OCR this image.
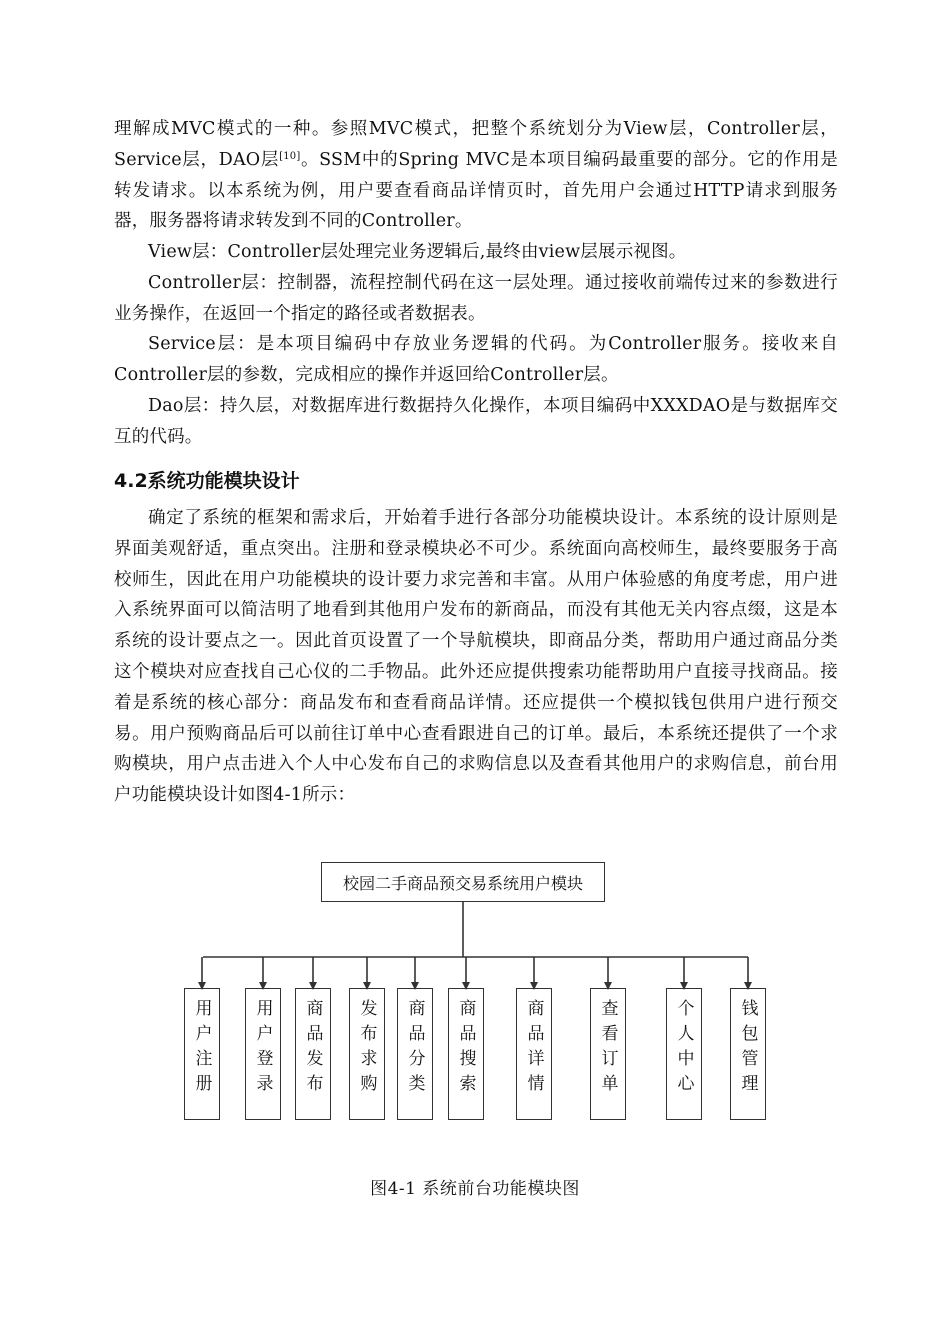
理解成MVC模式的一种。参照MVC模式，把整个系统划分为View层，Controller层，Service层，DAO层[10]。SSM中的Spring MVC是本项目编码最重要的部分。它的作用是转发请求。以本系统为例，用户要查看商品详情页时，首先用户会通过HTTP请求到服务器，服务器将请求转发到不同的Controller。

View层：Controller层处理完业务逻辑后,最终由view层展示视图。

Controller层：控制器，流程控制代码在这一层处理。通过接收前端传过来的参数进行业务操作，在返回一个指定的路径或者数据表。

Service层：是本项目编码中存放业务逻辑的代码。为Controller服务。接收来自Controller层的参数，完成相应的操作并返回给Controller层。

Dao层：持久层，对数据库进行数据持久化操作，本项目编码中XXXDAO是与数据库交互的代码。

4.2系统功能模块设计

确定了系统的框架和需求后，开始着手进行各部分功能模块设计。本系统的设计原则是界面美观舒适，重点突出。注册和登录模块必不可少。系统面向高校师生，最终要服务于高校师生，因此在用户功能模块的设计要力求完善和丰富。从用户体验感的角度考虑，用户进入系统界面可以简洁明了地看到其他用户发布的新商品，而没有其他无关内容点缀，这是本系统的设计要点之一。因此首页设置了一个导航模块，即商品分类，帮助用户通过商品分类这个模块对应查找自己心仪的二手物品。此外还应提供搜索功能帮助用户直接寻找商品。接着是系统的核心部分：商品发布和查看商品详情。还应提供一个模拟钱包供用户进行预交易。用户预购商品后可以前往订单中心查看跟进自己的订单。最后，本系统还提供了一个求购模块，用户点击进入个人中心发布自己的求购信息以及查看其他用户的求购信息，前台用户功能模块设计如图4-1所示：

校园二手商品预交易系统用户模块
用户注册 用户登录 商品发布 发布求购 商品分类 商品搜索	商品详情	查看订单	个人中心	钱包管理
图4-1 系统前台功能模块图
